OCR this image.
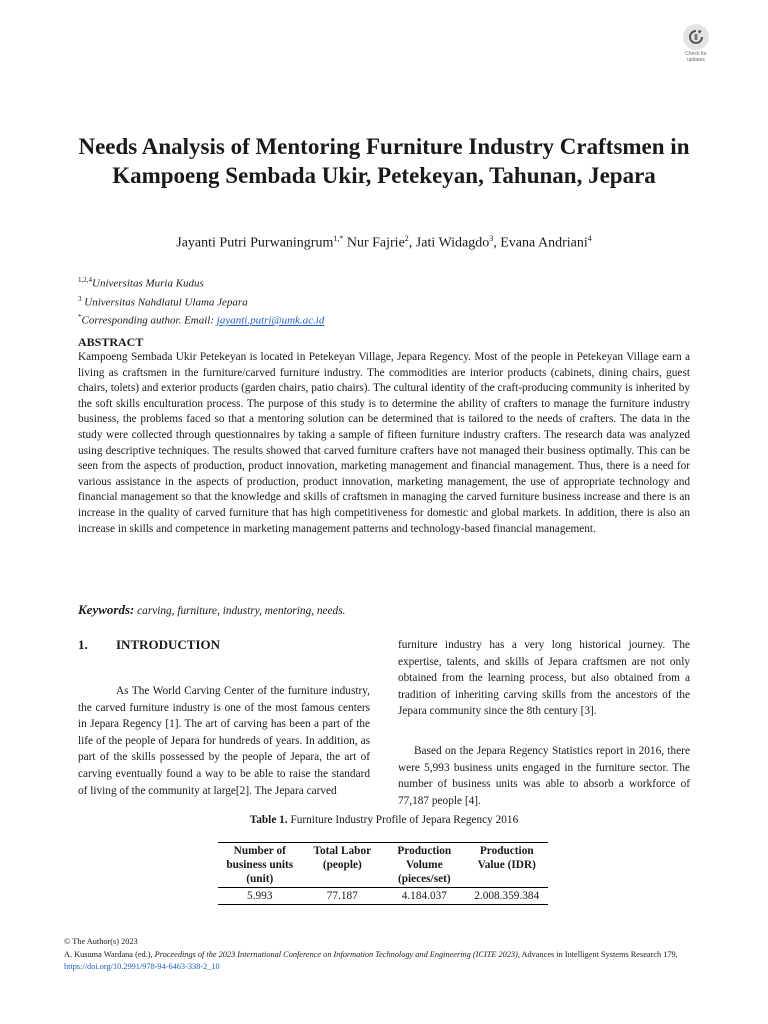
Check for
updates
Needs Analysis of Mentoring Furniture Industry Craftsmen in Kampoeng Sembada Ukir, Petekeyan, Tahunan, Jepara

Jayanti Putri Purwaningrum$^{1,*}$ Nur Fajrie$^2$, Jati Widagdo$^3$, Evana Andriani$^4$

$^{1,2,4}$Universitas Muria Kudus
$^3$ Universitas Nahdlatul Ulama Jepara
*Corresponding author. Email: jayanti.putri@umk.ac.id
ABSTRACT

Kampoeng Sembada Ukir Petekeyan is located in Petekeyan Village, Jepara Regency. Most of the people in Petekeyan Village earn a living as craftsmen in the furniture/carved furniture industry. The commodities are interior products (cabinets, dining chairs, guest chairs, tolets) and exterior products (garden chairs, patio chairs). The cultural identity of the craft-producing community is inherited by the soft skills enculturation process. The purpose of this study is to determine the ability of crafters to manage the furniture industry business, the problems faced so that a mentoring solution can be determined that is tailored to the needs of crafters. The data in the study were collected through questionnaires by taking a sample of fifteen furniture industry crafters. The research data was analyzed using descriptive techniques. The results showed that carved furniture crafters have not managed their business optimally. This can be seen from the aspects of production, product innovation, marketing management and financial management. Thus, there is a need for various assistance in the aspects of production, product innovation, marketing management, the use of appropriate technology and financial management so that the knowledge and skills of craftsmen in managing the carved furniture business increase and there is an increase in the quality of carved furniture that has high competitiveness for domestic and global markets. In addition, there is also an increase in skills and competence in marketing management patterns and technology-based financial management.

Keywords: carving, furniture, industry, mentoring, needs.

1. INTRODUCTION

As The World Carving Center of the furniture industry, the carved furniture industry is one of the most famous centers in Jepara Regency [1]. The art of carving has been a part of the life of the people of Jepara for hundreds of years. In addition, as part of the skills possessed by the people of Jepara, the art of carving eventually found a way to be able to raise the standard of living of the community at large[2]. The Jepara carved

furniture industry has a very long historical journey. The expertise, talents, and skills of Jepara craftsmen are not only obtained from the learning process, but also obtained from a tradition of inheriting carving skills from the ancestors of the Jepara community since the 8th century [3].

Based on the Jepara Regency Statistics report in 2016, there were 5,993 business units engaged in the furniture sector. The number of business units was able to absorb a workforce of 77,187 people [4].

Table 1. Furniture Industry Profile of Jepara Regency 2016

Number of business units (unit)	Total Labor (people)	Production Volume (pieces/set)	Production Value (IDR)
5.993	77.187	4.184.037	2.008.359.384
© The Author(s) 2023
A. Kusuma Wardana (ed.), Proceedings of the 2023 International Conference on Information Technology and Engineering (ICITE 2023), Advances in Intelligent Systems Research 179,
https://doi.org/10.2991/978-94-6463-338-2_10
